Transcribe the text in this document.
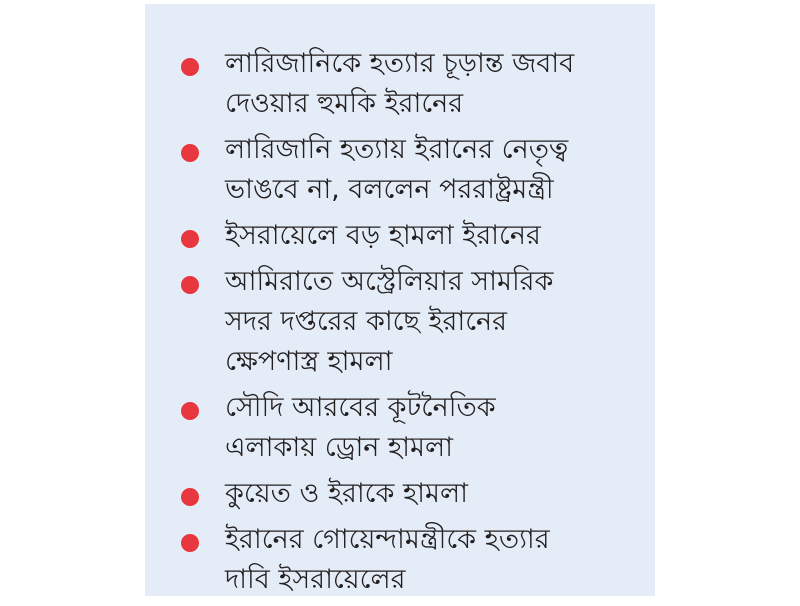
লারিজানিকে হত্যার চূড়ান্ত জবাব
দেওয়ার হুমকি ইরানের
লারিজানি হত্যায় ইরানের নেতৃত্ব
ভাঙবে না, বললেন পররাষ্ট্রমন্ত্রী
ইসরায়েলে বড় হামলা ইরানের
আমিরাতে অস্ট্রেলিয়ার সামরিক
সদর দপ্তরের কাছে ইরানের
ক্ষেপণাস্ত্র হামলা
সৌদি আরবের কূটনৈতিক
এলাকায় ড্রোন হামলা
কুয়েত ও ইরাকে হামলা
ইরানের গোয়েন্দামন্ত্রীকে হত্যার
দাবি ইসরায়েলের
